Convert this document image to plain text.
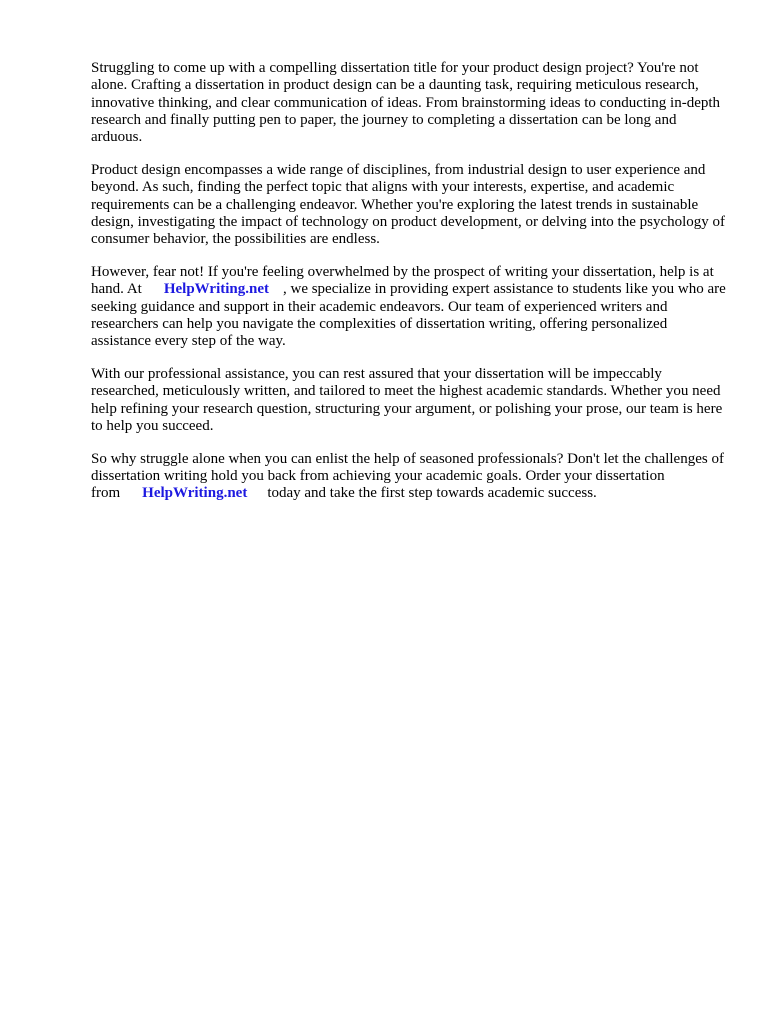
Struggling to come up with a compelling dissertation title for your product design project? You're not alone. Crafting a dissertation in product design can be a daunting task, requiring meticulous research, innovative thinking, and clear communication of ideas. From brainstorming ideas to conducting in-depth research and finally putting pen to paper, the journey to completing a dissertation can be long and arduous.

Product design encompasses a wide range of disciplines, from industrial design to user experience and beyond. As such, finding the perfect topic that aligns with your interests, expertise, and academic requirements can be a challenging endeavor. Whether you're exploring the latest trends in sustainable design, investigating the impact of technology on product development, or delving into the psychology of consumer behavior, the possibilities are endless.

However, fear not! If you're feeling overwhelmed by the prospect of writing your dissertation, help is at hand. At HelpWriting.net , we specialize in providing expert assistance to students like you who are seeking guidance and support in their academic endeavors. Our team of experienced writers and researchers can help you navigate the complexities of dissertation writing, offering personalized assistance every step of the way.

With our professional assistance, you can rest assured that your dissertation will be impeccably researched, meticulously written, and tailored to meet the highest academic standards. Whether you need help refining your research question, structuring your argument, or polishing your prose, our team is here to help you succeed.

So why struggle alone when you can enlist the help of seasoned professionals? Don't let the challenges of dissertation writing hold you back from achieving your academic goals. Order your dissertation from HelpWriting.net today and take the first step towards academic success.
